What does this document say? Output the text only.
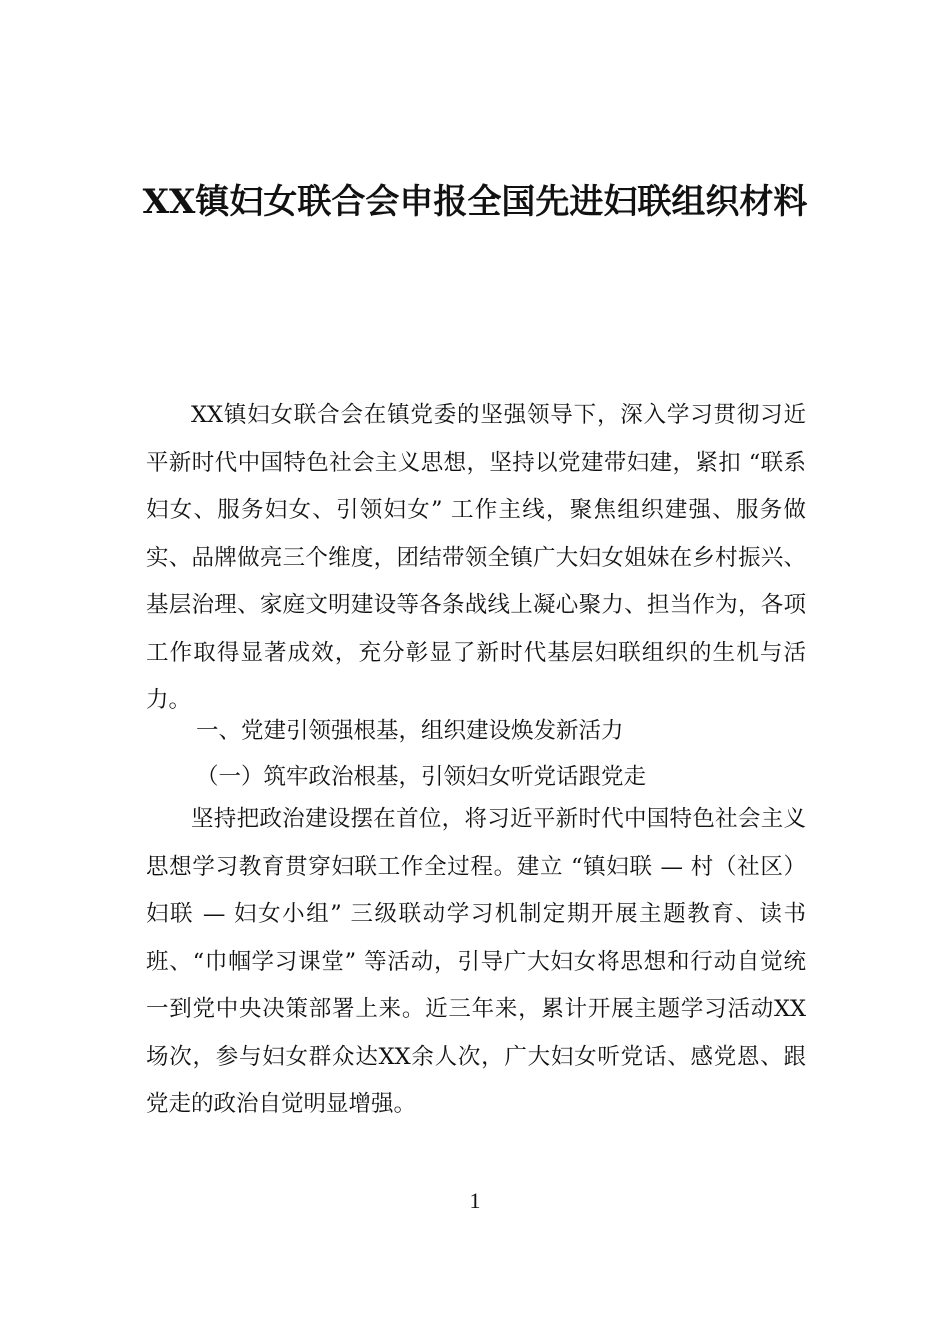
XX镇妇女联合会申报全国先进妇联组织材料
XX镇妇女联合会在镇党委的坚强领导下，深入学习贯彻习近平新时代中国特色社会主义思想，坚持以党建带妇建，紧扣 “联系妇女、服务妇女、引领妇女” 工作主线，聚焦组织建强、服务做实、品牌做亮三个维度，团结带领全镇广大妇女姐妹在乡村振兴、基层治理、家庭文明建设等各条战线上凝心聚力、担当作为，各项工作取得显著成效，充分彰显了新时代基层妇联组织的生机与活力。
一、党建引领强根基，组织建设焕发新活力
（一）筑牢政治根基，引领妇女听党话跟党走
坚持把政治建设摆在首位，将习近平新时代中国特色社会主义思想学习教育贯穿妇联工作全过程。建立 “镇妇联 — 村（社区）妇联 — 妇女小组” 三级联动学习机制定期开展主题教育、读书班、“巾帼学习课堂” 等活动，引导广大妇女将思想和行动自觉统一到党中央决策部署上来。近三年来，累计开展主题学习活动XX 场次，参与妇女群众达XX余人次，广大妇女听党话、感党恩、跟党走的政治自觉明显增强。
1
